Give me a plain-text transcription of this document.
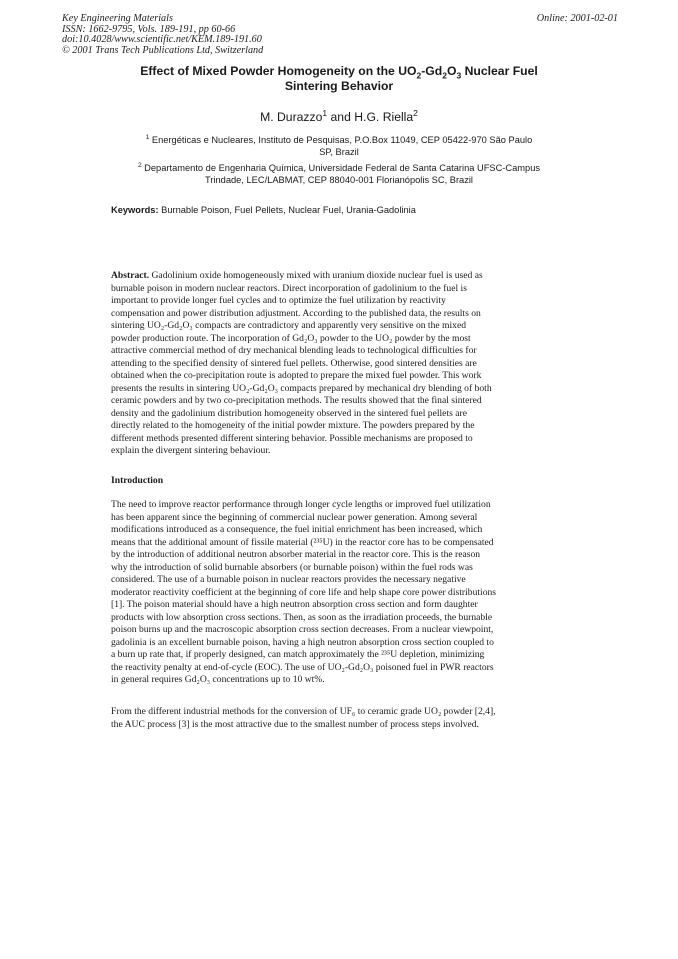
Key Engineering Materials
ISSN: 1662-9795, Vols. 189-191, pp 60-66
doi:10.4028/www.scientific.net/KEM.189-191.60
© 2001 Trans Tech Publications Ltd, Switzerland
Online: 2001-02-01
Effect of Mixed Powder Homogeneity on the $UO_2-Gd_2O_3$ Nuclear Fuel
Sintering Behavior
M. Durazzo$^1$ and H.G. Riella$^2$
$^1$ Energéticas e Nucleares, Instituto de Pesquisas, P.O.Box 11049, CEP 05422-970 São Paulo
SP, Brazil
$^2$ Departamento de Engenharia Química, Universidade Federal de Santa Catarina UFSC-Campus
Trindade, LEC/LABMAT, CEP 88040-001 Florianópolis SC, Brazil
Keywords: Burnable Poison, Fuel Pellets, Nuclear Fuel, Urania-Gadolinia
Abstract. Gadolinium oxide homogeneously mixed with uranium dioxide nuclear fuel is used as
burnable poison in modern nuclear reactors. Direct incorporation of gadolinium to the fuel is
important to provide longer fuel cycles and to optimize the fuel utilization by reactivity
compensation and power distribution adjustment. According to the published data, the results on
sintering UO₂-Gd₂O₃ compacts are contradictory and apparently very sensitive on the mixed
powder production route. The incorporation of Gd₂O₃ powder to the UO₂ powder by the most
attractive commercial method of dry mechanical blending leads to technological difficulties for
attending to the specified density of sintered fuel pellets. Otherwise, good sintered densities are
obtained when the co-precipitation route is adopted to prepare the mixed fuel powder. This work
presents the results in sintering UO₂-Gd₂O₃ compacts prepared by mechanical dry blending of both
ceramic powders and by two co-precipitation methods. The results showed that the final sintered
density and the gadolinium distribution homogeneity observed in the sintered fuel pellets are
directly related to the homogeneity of the initial powder mixture. The powders prepared by the
different methods presented different sintering behavior. Possible mechanisms are proposed to
explain the divergent sintering behaviour.
Introduction
The need to improve reactor performance through longer cycle lengths or improved fuel utilization
has been apparent since the beginning of commercial nuclear power generation. Among several
modifications introduced as a consequence, the fuel initial enrichment has been increased, which
means that the additional amount of fissile material (²³⁵U) in the reactor core has to be compensated
by the introduction of additional neutron absorber material in the reactor core. This is the reason
why the introduction of solid burnable absorbers (or burnable poison) within the fuel rods was
considered. The use of a burnable poison in nuclear reactors provides the necessary negative
moderator reactivity coefficient at the beginning of core life and help shape core power distributions
[1]. The poison material should have a high neutron absorption cross section and form daughter
products with low absorption cross sections. Then, as soon as the irradiation proceeds, the burnable
poison burns up and the macroscopic absorption cross section decreases. From a nuclear viewpoint,
gadolinia is an excellent burnable poison, having a high neutron absorption cross section coupled to
a burn up rate that, if properly designed, can match approximately the ²³⁵U depletion, minimizing
the reactivity penalty at end-of-cycle (EOC). The use of UO₂-Gd₂O₃ poisoned fuel in PWR reactors
in general requires Gd₂O₃ concentrations up to 10 wt%.
From the different industrial methods for the conversion of UF₆ to ceramic grade UO₂ powder [2,4],
the AUC process [3] is the most attractive due to the smallest number of process steps involved.
